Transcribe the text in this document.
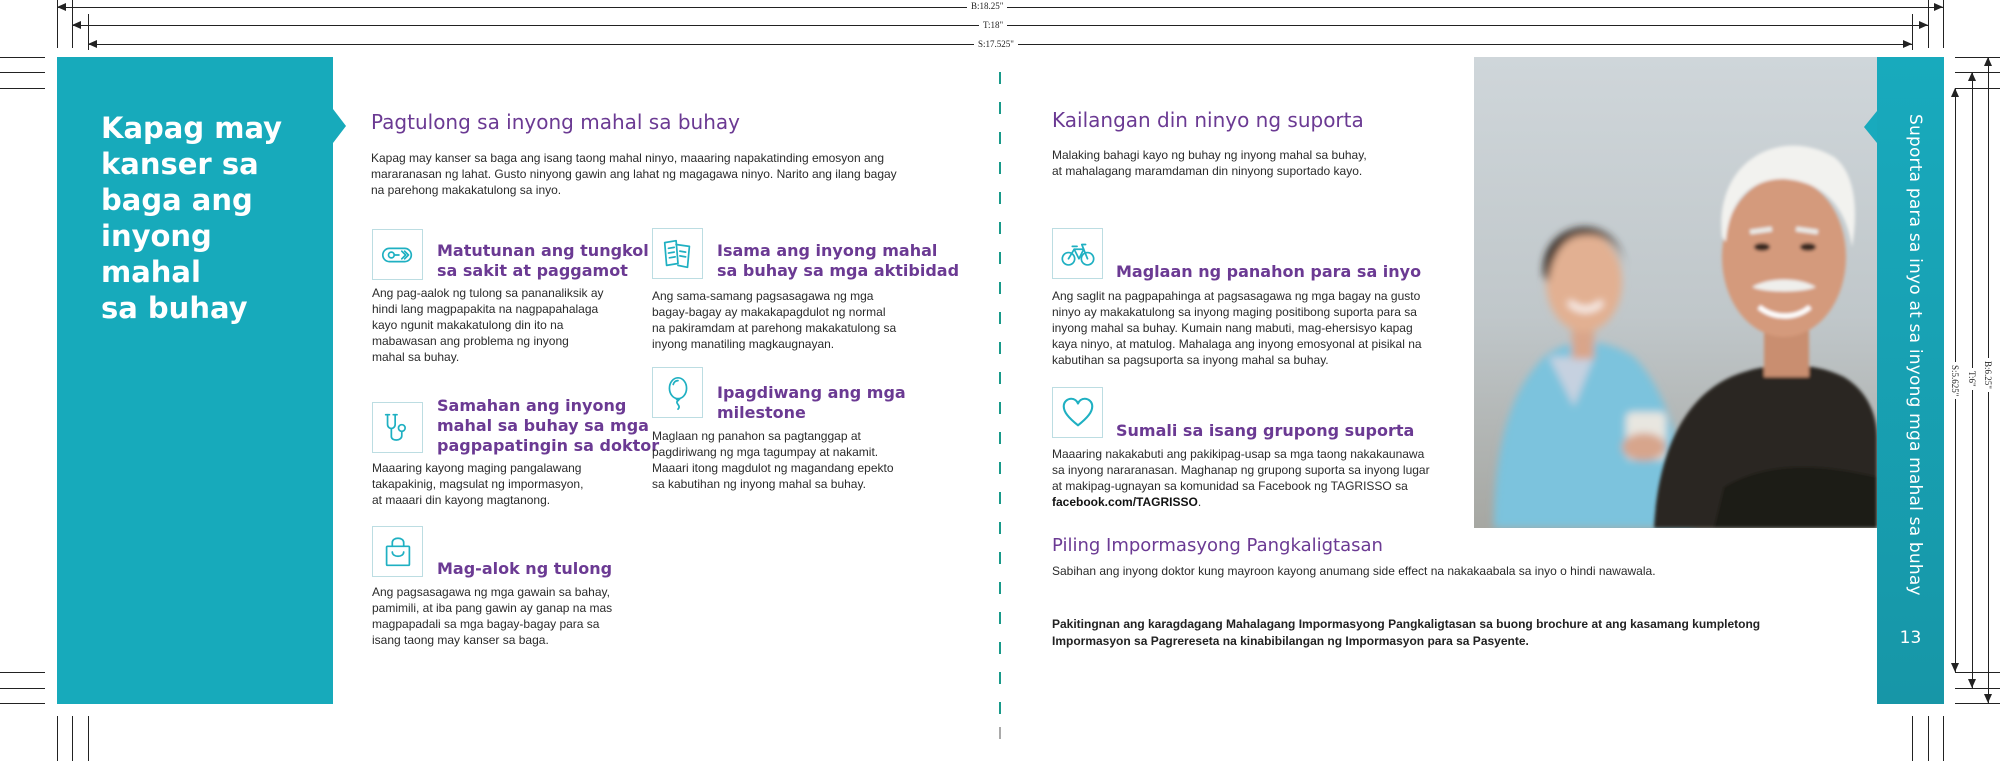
B:18.25"
T:18"
S:17.525"
S:5.625" T:6" B:6.25"
Kapag may
kanser sa
baga ang
inyong mahal
sa buhay
Pagtulong sa inyong mahal sa buhay
Kapag may kanser sa baga ang isang taong mahal ninyo, maaaring napakatinding emosyon ang
mararanasan ng lahat. Gusto ninyong gawin ang lahat ng magagawa ninyo. Narito ang ilang bagay
na parehong makakatulong sa inyo.
Matutunan ang tungkol
sa sakit at paggamot
Ang pag-aalok ng tulong sa pananaliksik ay
hindi lang magpapakita na nagpapahalaga
kayo ngunit makakatulong din ito na
mabawasan ang problema ng inyong
mahal sa buhay.
Samahan ang inyong
mahal sa buhay sa mga
pagpapatingin sa doktor
Maaaring kayong maging pangalawang
takapakinig, magsulat ng impormasyon,
at maaari din kayong magtanong.
Mag-alok ng tulong
Ang pagsasagawa ng mga gawain sa bahay,
pamimili, at iba pang gawin ay ganap na mas
magpapadali sa mga bagay-bagay para sa
isang taong may kanser sa baga.
Isama ang inyong mahal
sa buhay sa mga aktibidad
Ang sama-samang pagsasagawa ng mga
bagay-bagay ay makakapagdulot ng normal
na pakiramdam at parehong makakatulong sa
inyong manatiling magkaugnayan.
Ipagdiwang ang mga
milestone
Maglaan ng panahon sa pagtanggap at
pagdiriwang ng mga tagumpay at nakamit.
Maaari itong magdulot ng magandang epekto
sa kabutihan ng inyong mahal sa buhay.
Kailangan din ninyo ng suporta
Malaking bahagi kayo ng buhay ng inyong mahal sa buhay,
at mahalagang maramdaman din ninyong suportado kayo.
Maglaan ng panahon para sa inyo
Ang saglit na pagpapahinga at pagsasagawa ng mga bagay na gusto
ninyo ay makakatulong sa inyong maging positibong suporta para sa
inyong mahal sa buhay. Kumain nang mabuti, mag-ehersisyo kapag
kaya ninyo, at matulog. Mahalaga ang inyong emosyonal at pisikal na
kabutihan sa pagsuporta sa inyong mahal sa buhay.
Sumali sa isang grupong suporta
Maaaring nakakabuti ang pakikipag-usap sa mga taong nakakaunawa
sa inyong nararanasan. Maghanap ng grupong suporta sa inyong lugar
at makipag-ugnayan sa komunidad sa Facebook ng TAGRISSO sa
facebook.com/TAGRISSO.
Piling Impormasyong Pangkaligtasan
Sabihan ang inyong doktor kung mayroon kayong anumang side effect na nakakaabala sa inyo o hindi nawawala.
Pakitingnan ang karagdagang Mahalagang Impormasyong Pangkaligtasan sa buong brochure at ang kasamang kumpletong
Impormasyon sa Pagrereseta na kinabibilangan ng Impormasyon para sa Pasyente.
Suporta para sa inyo at sa inyong mga mahal sa buhay
13
